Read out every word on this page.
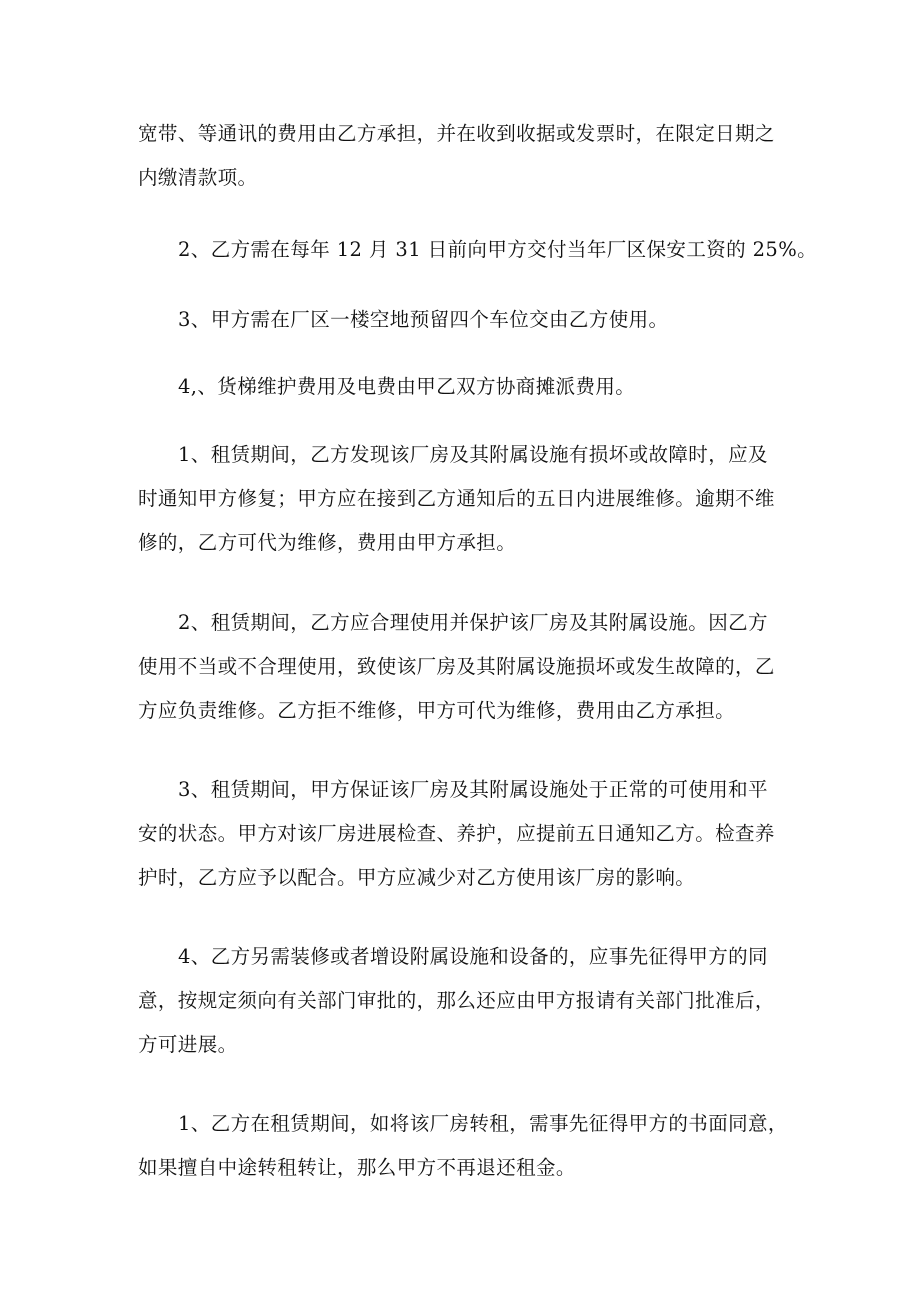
宽带、等通讯的费用由乙方承担，并在收到收据或发票时，在限定日期之
内缴清款项。

2、乙方需在每年 12 月 31 日前向甲方交付当年厂区保安工资的 25%。

3、甲方需在厂区一楼空地预留四个车位交由乙方使用。

4,、货梯维护费用及电费由甲乙双方协商摊派费用。

1、租赁期间，乙方发现该厂房及其附属设施有损坏或故障时，应及
时通知甲方修复；甲方应在接到乙方通知后的五日内进展维修。逾期不维
修的，乙方可代为维修，费用由甲方承担。

2、租赁期间，乙方应合理使用并保护该厂房及其附属设施。因乙方
使用不当或不合理使用，致使该厂房及其附属设施损坏或发生故障的，乙
方应负责维修。乙方拒不维修，甲方可代为维修，费用由乙方承担。

3、租赁期间，甲方保证该厂房及其附属设施处于正常的可使用和平
安的状态。甲方对该厂房进展检查、养护，应提前五日通知乙方。检查养
护时，乙方应予以配合。甲方应减少对乙方使用该厂房的影响。

4、乙方另需装修或者增设附属设施和设备的，应事先征得甲方的同
意，按规定须向有关部门审批的，那么还应由甲方报请有关部门批准后，
方可进展。

1、乙方在租赁期间，如将该厂房转租，需事先征得甲方的书面同意，
如果擅自中途转租转让，那么甲方不再退还租金。
